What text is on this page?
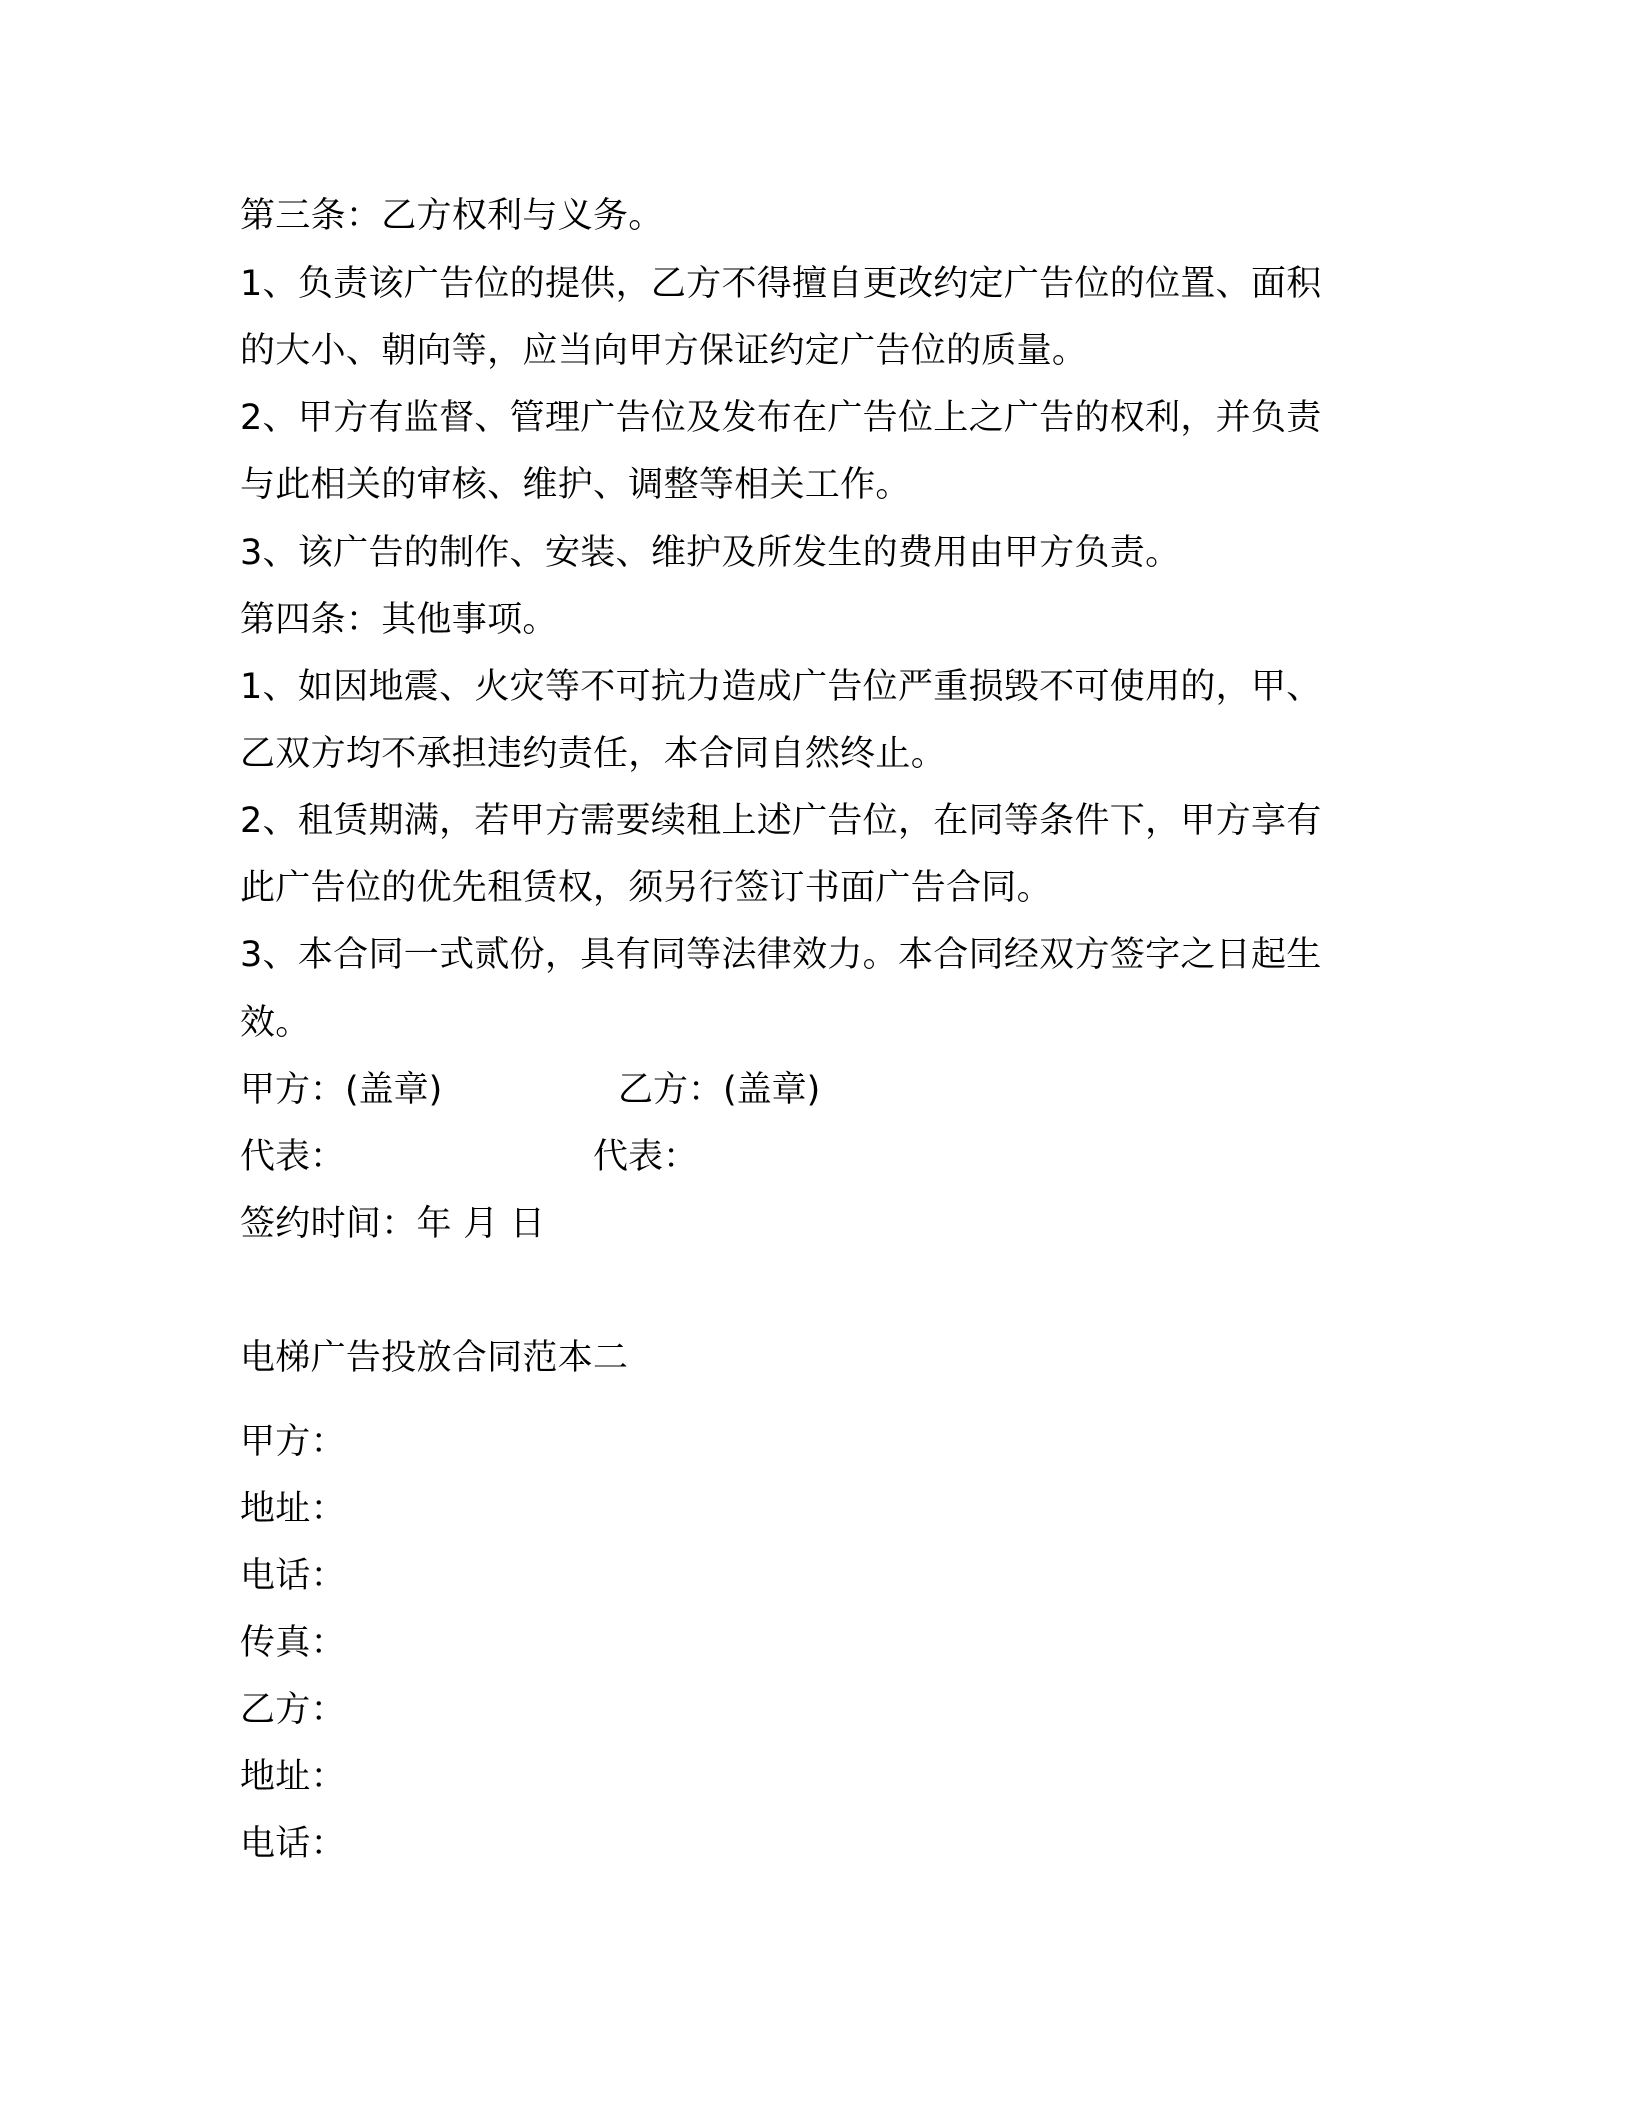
第三条：乙方权利与义务。
1、负责该广告位的提供，乙方不得擅自更改约定广告位的位置、面积
的大小、朝向等，应当向甲方保证约定广告位的质量。
2、甲方有监督、管理广告位及发布在广告位上之广告的权利，并负责
与此相关的审核、维护、调整等相关工作。
3、该广告的制作、安装、维护及所发生的费用由甲方负责。
第四条：其他事项。
1、如因地震、火灾等不可抗力造成广告位严重损毁不可使用的，甲、
乙双方均不承担违约责任，本合同自然终止。
2、租赁期满，若甲方需要续租上述广告位，在同等条件下，甲方享有
此广告位的优先租赁权，须另行签订书面广告合同。
3、本合同一式贰份，具有同等法律效力。本合同经双方签字之日起生
效。
甲方：(盖章)	乙方：(盖章)
代表：	代表：
签约时间：年 月 日
电梯广告投放合同范本二
甲方：
地址：
电话：
传真：
乙方：
地址：
电话：
